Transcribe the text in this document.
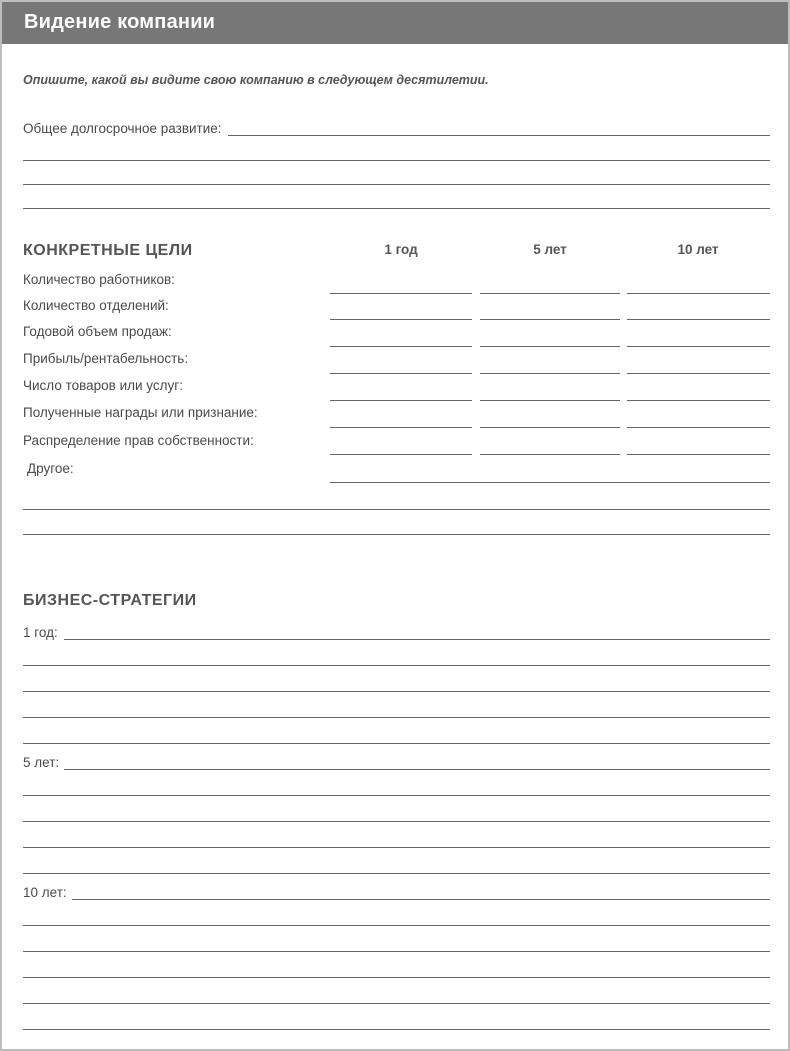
Видение компании
Опишите, какой вы видите свою компанию в следующем десятилетии.
Общее долгосрочное развитие:
КОНКРЕТНЫЕ ЦЕЛИ	1 год	5 лет	10 лет
Количество работников:
Количество отделений:
Годовой объем продаж:
Прибыль/рентабельность:
Число товаров или услуг:
Полученные награды или признание:
Распределение прав собственности:
Другое:
БИЗНЕС-СТРАТЕГИИ
1 год:
5 лет:
10 лет:
